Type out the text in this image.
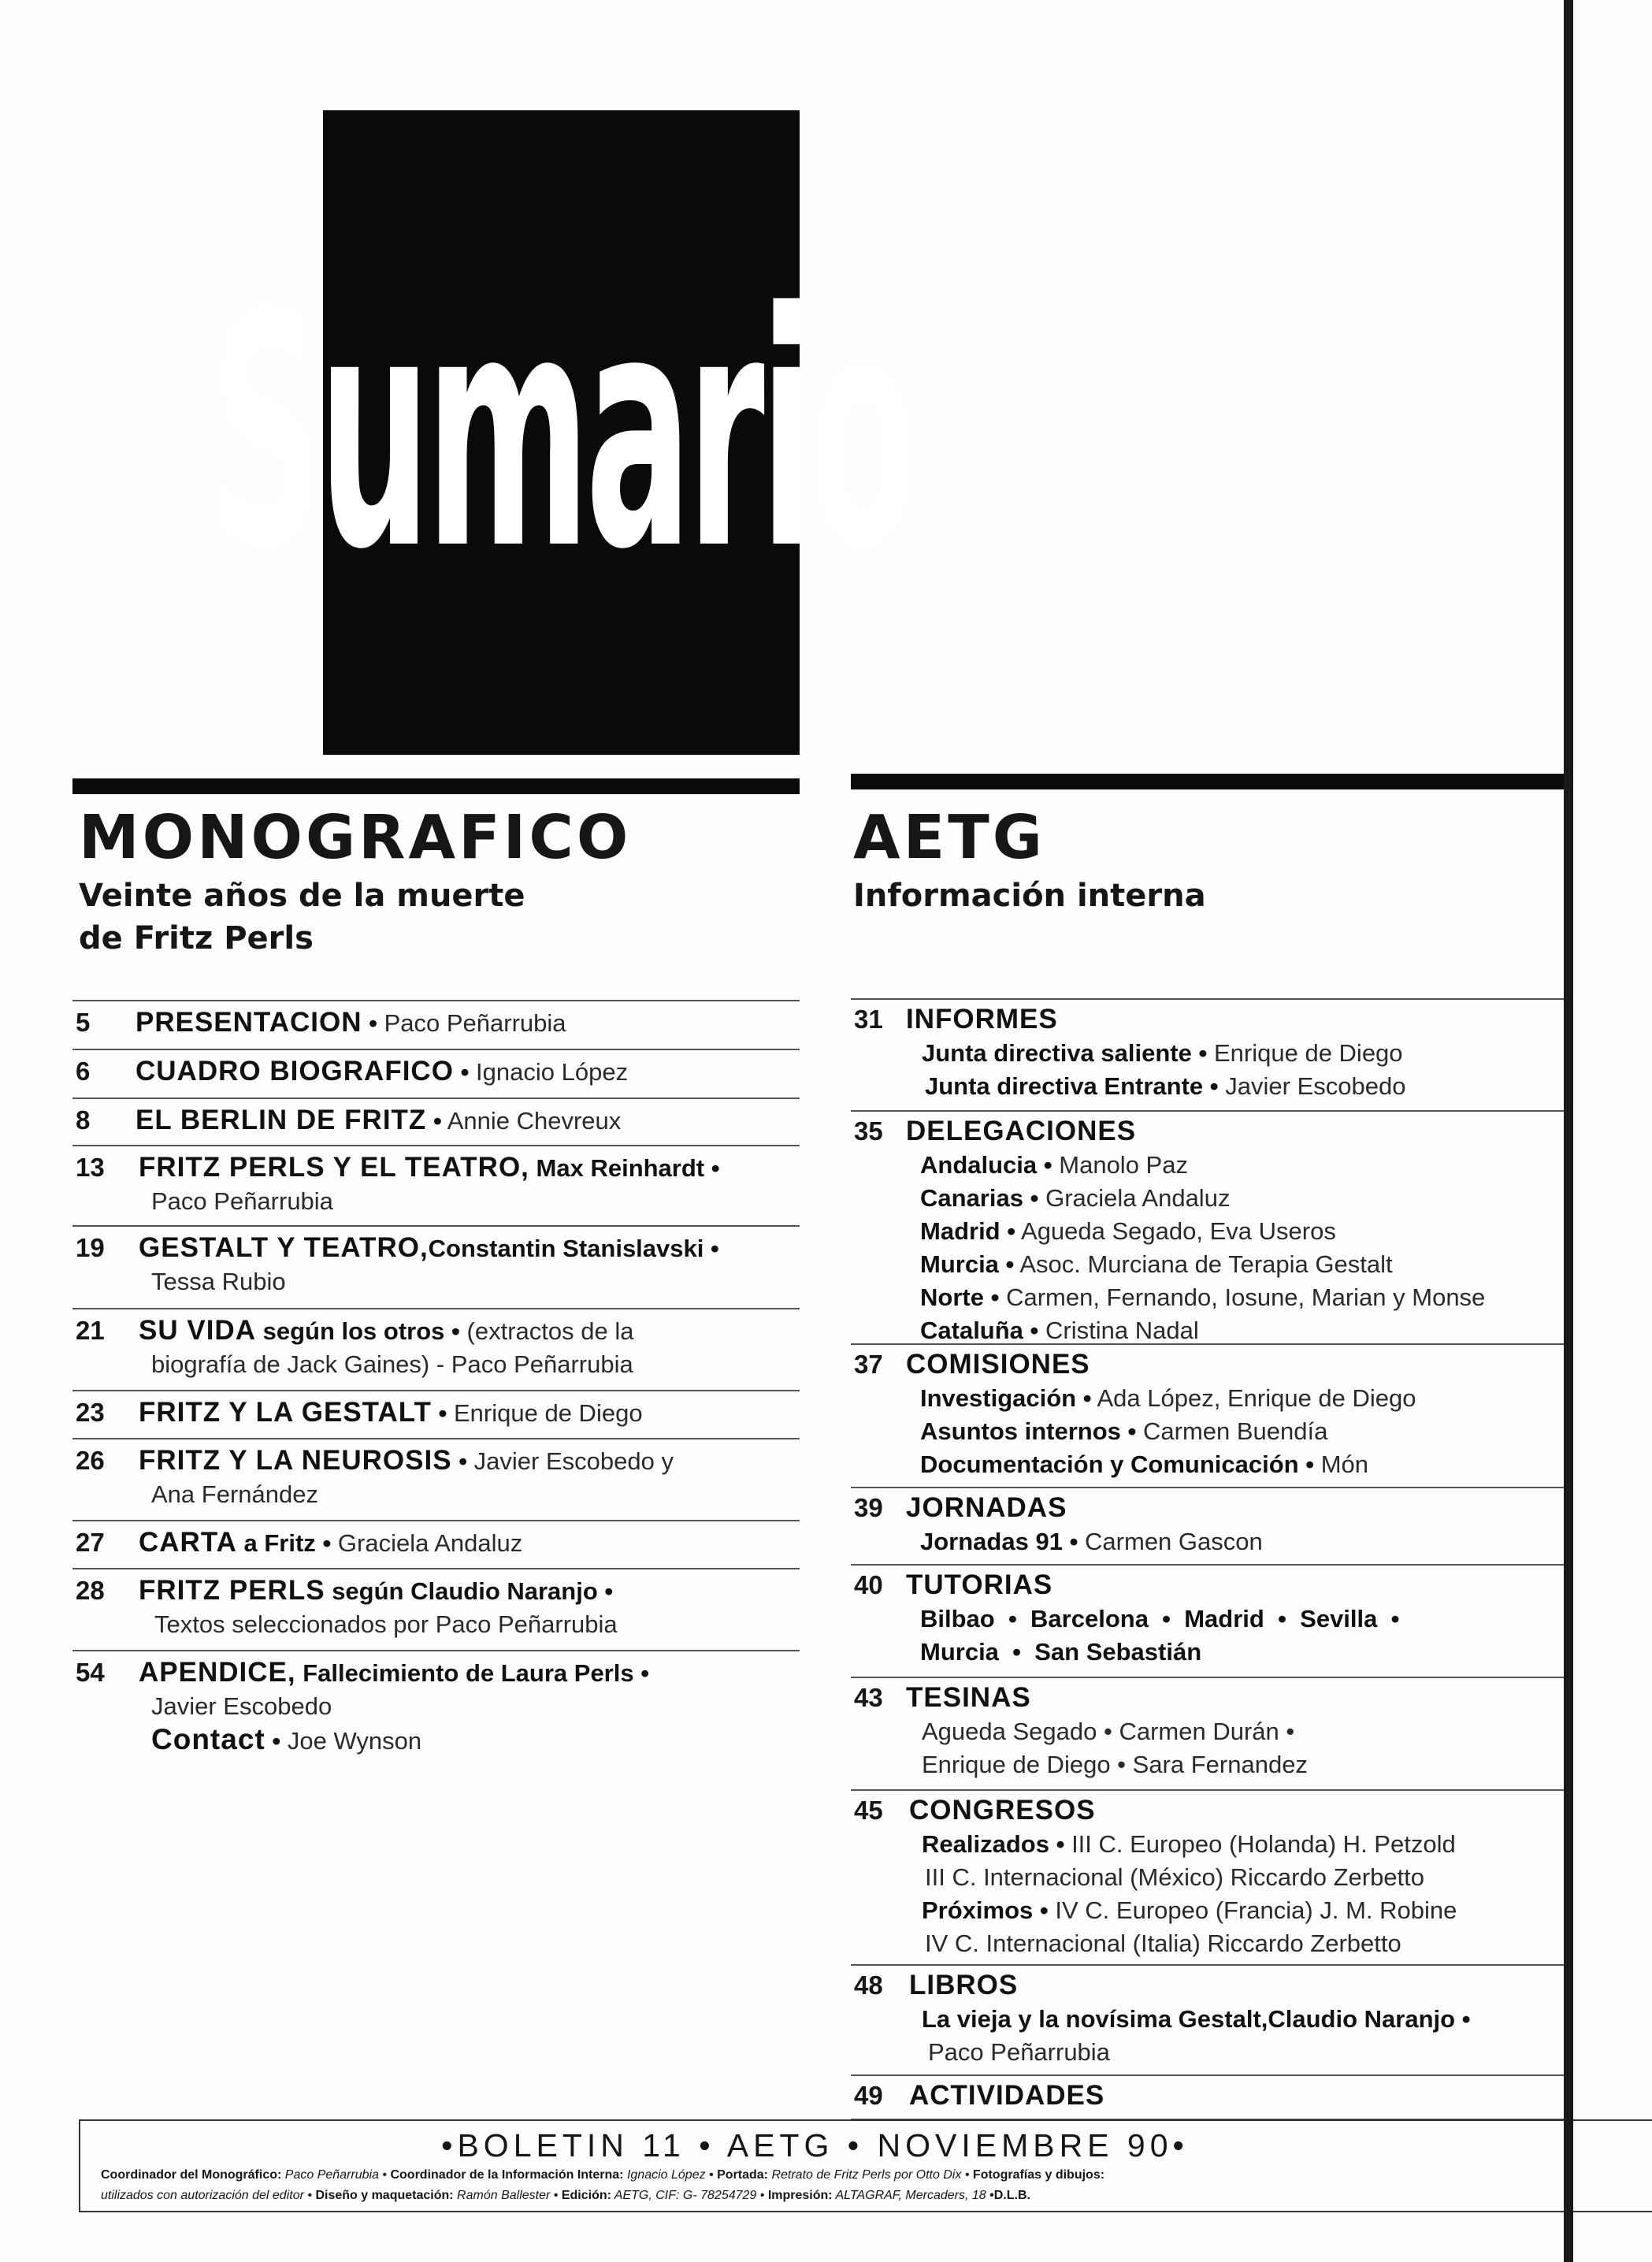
Sumario
MONOGRAFICO
Veinte años de la muerte
de Fritz Perls
5	PRESENTACION • Paco Peñarrubia
6	CUADRO BIOGRAFICO • Ignacio López
8	EL BERLIN DE FRITZ • Annie Chevreux
13	FRITZ PERLS Y EL TEATRO, Max Reinhardt •
Paco Peñarrubia
19	GESTALT Y TEATRO,Constantin Stanislavski •
Tessa Rubio
21	SU VIDA según los otros • (extractos de la
biografía de Jack Gaines) - Paco Peñarrubia
23	FRITZ Y LA GESTALT • Enrique de Diego
26	FRITZ Y LA NEUROSIS • Javier Escobedo y
Ana Fernández
27	CARTA a Fritz • Graciela Andaluz
28	FRITZ PERLS según Claudio Naranjo •
Textos seleccionados por Paco Peñarrubia
54	APENDICE, Fallecimiento de Laura Perls •
Javier Escobedo
Contact • Joe Wynson
AETG
Información interna
31 INFORMES
Junta directiva saliente • Enrique de Diego
Junta directiva Entrante • Javier Escobedo
35 DELEGACIONES
Andalucia • Manolo Paz
Canarias • Graciela Andaluz
Madrid • Agueda Segado, Eva Useros
Murcia • Asoc. Murciana de Terapia Gestalt
Norte • Carmen, Fernando, Iosune, Marian y Monse
Cataluña • Cristina Nadal
37 COMISIONES
Investigación • Ada López, Enrique de Diego
Asuntos internos • Carmen Buendía
Documentación y Comunicación • Món
39 JORNADAS
Jornadas 91 • Carmen Gascon
40 TUTORIAS
Bilbao  •  Barcelona  •  Madrid  •  Sevilla  •
Murcia  •  San Sebastián
43 TESINAS
Agueda Segado • Carmen Durán •
Enrique de Diego • Sara Fernandez
45 CONGRESOS
Realizados • III C. Europeo (Holanda) H. Petzold
III C. Internacional (México) Riccardo Zerbetto
Próximos • IV C. Europeo (Francia) J. M. Robine
IV C. Internacional (Italia) Riccardo Zerbetto
48 LIBROS
La vieja y la novísima Gestalt,Claudio Naranjo •
Paco Peñarrubia
49 ACTIVIDADES
•BOLETIN 11 • AETG • NOVIEMBRE 90•
Coordinador del Monográfico: Paco Peñarrubia • Coordinador de la Información Interna: Ignacio López • Portada: Retrato de Fritz Perls por Otto Dix • Fotografías y dibujos:
utilizados con autorización del editor • Diseño y maquetación: Ramón Ballester • Edición: AETG, CIF: G- 78254729 • Impresión: ALTAGRAF, Mercaders, 18 •D.L.B.
